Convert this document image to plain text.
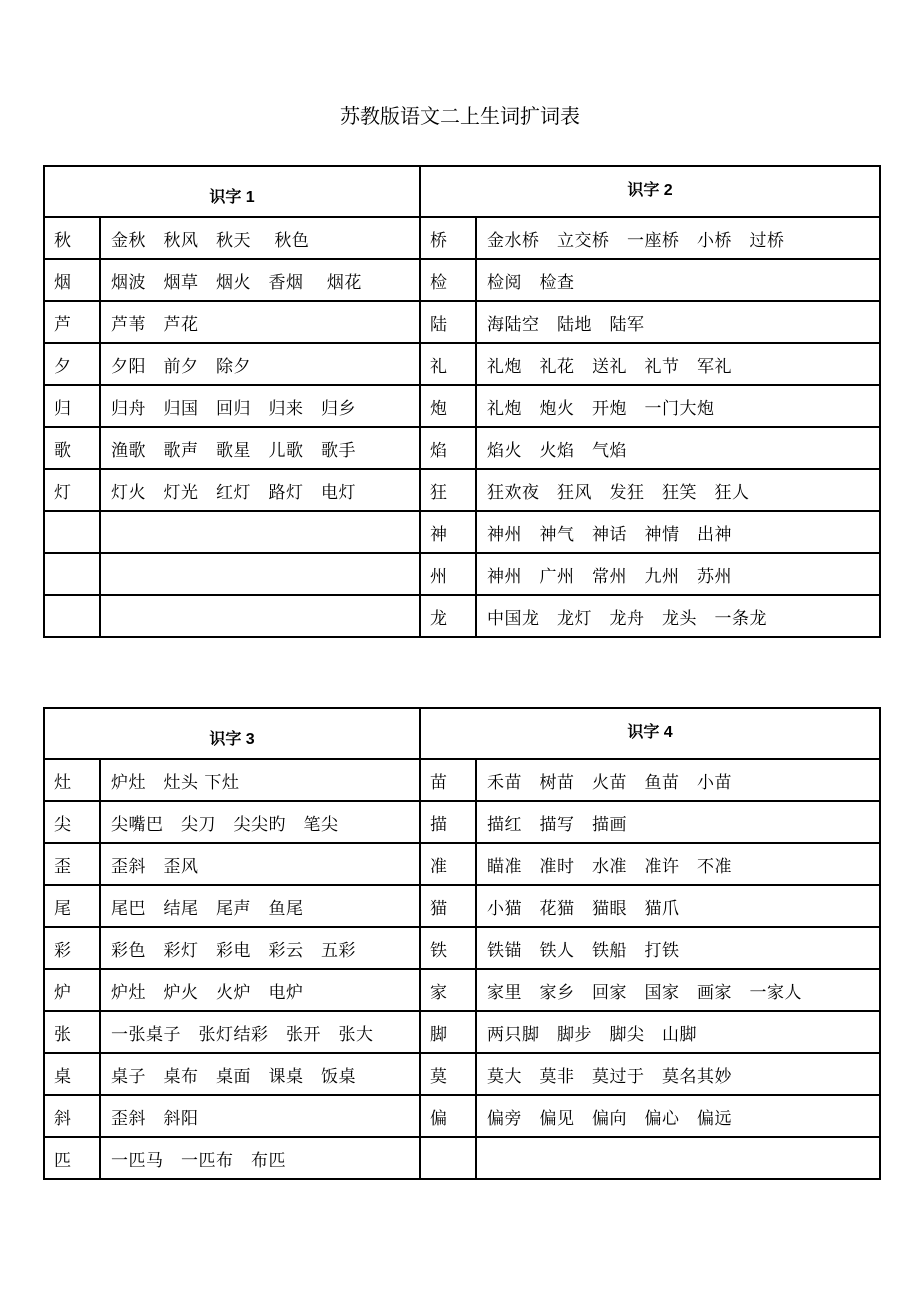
苏教版语文二上生词扩词表
识字 1		识字 2	
秋	金秋　秋风　秋天　 秋色	桥	金水桥　立交桥　一座桥　小桥　过桥
烟	烟波　烟草　烟火　香烟　 烟花	检	检阅　检查
芦	芦苇　芦花	陆	海陆空　陆地　陆军
夕	夕阳　前夕　除夕	礼	礼炮　礼花　送礼　礼节　军礼
归	归舟　归国　回归　归来　归乡	炮	礼炮　炮火　开炮　一门大炮
歌	渔歌　歌声　歌星　儿歌　歌手	焰	焰火　火焰　气焰
灯	灯火　灯光　红灯　路灯　电灯	狂	狂欢夜　狂风　发狂　狂笑　狂人
		神	神州　神气　神话　神情　出神
		州	神州　广州　常州　九州　苏州
		龙	中国龙　龙灯　龙舟　龙头　一条龙
识字 3		识字 4	
灶	炉灶　灶头 下灶	苗	禾苗　树苗　火苗　鱼苗　小苗
尖	尖嘴巴　尖刀　尖尖旳　笔尖	描	描红　描写　描画
歪	歪斜　歪风	准	瞄准　准时　水准　准许　不准
尾	尾巴　结尾　尾声　鱼尾	猫	小猫　花猫　猫眼　猫爪
彩	彩色　彩灯　彩电　彩云　五彩	铁	铁锚　铁人　铁船　打铁
炉	炉灶　炉火　火炉　电炉	家	家里　家乡　回家　国家　画家　一家人
张	一张桌子　张灯结彩　张开　张大	脚	两只脚　脚步　脚尖　山脚
桌	桌子　桌布　桌面　课桌　饭桌	莫	莫大　莫非　莫过于　莫名其妙
斜	歪斜　斜阳	偏	偏旁　偏见　偏向　偏心　偏远
匹	一匹马　一匹布　布匹		
